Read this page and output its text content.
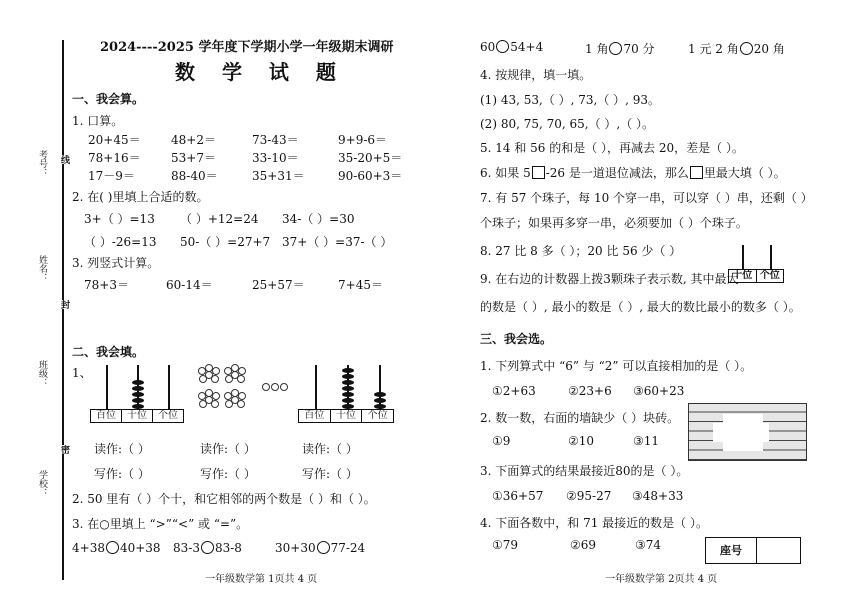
考号：
姓名：
班级：
学校：
线
封
密
2024----2025 学年度下学期小学一年级期末调研
数 学 试 题
一、我会算。
1. 口算。
20+45＝	48+2＝	73-43＝	9+9-6＝
78+16＝	53+7＝	33-10＝	35-20+5＝
17－9＝	88-40＝	35+31＝	90-60+3＝
2. 在( )里填上合适的数。
3+（ ）=13 （ ）+12=24 34-（ ）=30
（ ）-26=13 50-（ ）=27+7 37+（ ）=37-（ ）
3. 列竖式计算。
78+3＝	60-14＝	25+57＝	7+45＝
二、我会填。
1、
百位	十位	个位	百位	十位	个位
读作:（ ）	读作:（ ）	读作:（ ）
写作:（ ）	写作:（ ）	写作:（ ）
2. 50 里有（ ）个十，和它相邻的两个数是（ ）和（ ）。
3. 在○里填上 “>”“<” 或 “=”。
4+38 40+38 83-3 83-8	30+30 77-24
一年级数学第 1页共 4 页
60 54+4	1 角 70 分	1 元 2 角 20 角
4. 按规律，填一填。
(1) 43, 53,（ ）, 73,（ ）, 93。
(2) 80, 75, 70, 65,（ ）,（ ）。
5. 14 和 56 的和是（ ），再减去 20，差是（ ）。
6. 如果 5 -26 是一道退位减法，那么 里最大填（ ）。
7. 有 57 个珠子，每 10 个穿一串，可以穿（ ）串，还剩（ ）
个珠子；如果再多穿一串，必须要加（ ）个珠子。
8. 27 比 8 多（ ）；20 比 56 少（ ）
9. 在右边的计数器上拨3颗珠子表示数, 其中最大
的数是（ ）, 最小的数是（ ）, 最大的数比最小的数多（ ）。
十位 个位
三、我会选。
1. 下列算式中 “6” 与 “2” 可以直接相加的是（ ）。
①2+63	②23+6 ③60+23
2. 数一数，右面的墙缺少（ ）块砖。
①9	②10	③11
3. 下面算式的结果最接近80的是（ ）。
①36+57 ②95-27 ③48+33
4. 下面各数中，和 71 最接近的数是（ ）。
①79	②69	③74	座号
一年级数学第 2页共 4 页
